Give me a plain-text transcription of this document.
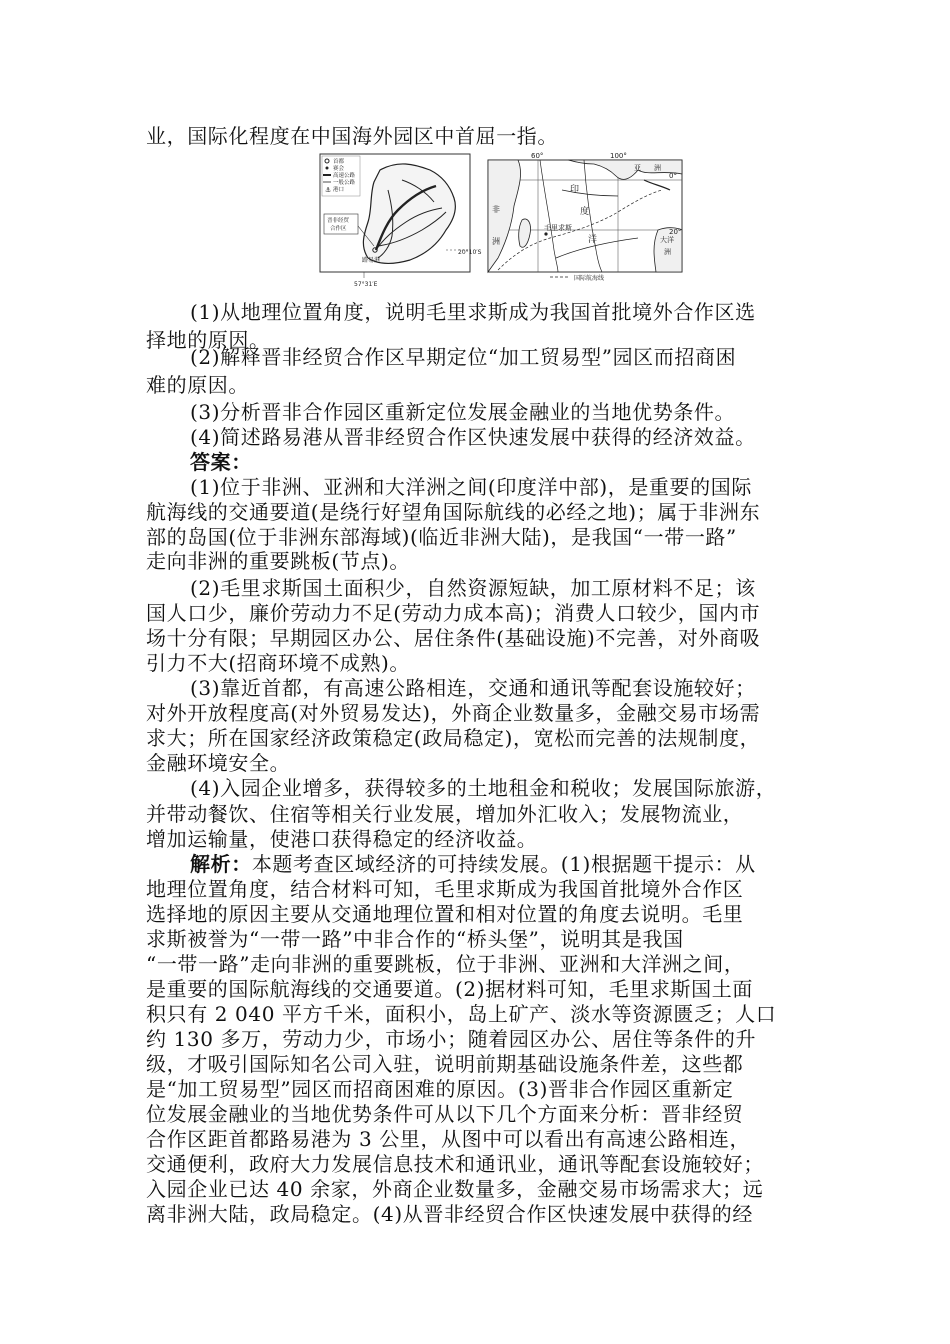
业，国际化程度在中国海外园区中首屈一指。
⚓
首都
赛会
高速公路
一般公路
港口
晋非经贸
合作区
路易港
20°10′S
57°31′E
60°	100°
0°
20°
印
度
洋
非
洲
亚 洲
大洋
洲
毛里求斯
国际航海线
(1)从地理位置角度，说明毛里求斯成为我国首批境外合作区选
择地的原因。
(2)解释晋非经贸合作区早期定位“加工贸易型”园区而招商困
难的原因。
(3)分析晋非合作园区重新定位发展金融业的当地优势条件。
(4)简述路易港从晋非经贸合作区快速发展中获得的经济效益。
答案：
(1)位于非洲、亚洲和大洋洲之间(印度洋中部)，是重要的国际
航海线的交通要道(是绕行好望角国际航线的必经之地)；属于非洲东
部的岛国(位于非洲东部海域)(临近非洲大陆)，是我国“一带一路”
走向非洲的重要跳板(节点)。
(2)毛里求斯国土面积少，自然资源短缺，加工原材料不足；该
国人口少，廉价劳动力不足(劳动力成本高)；消费人口较少，国内市
场十分有限；早期园区办公、居住条件(基础设施)不完善，对外商吸
引力不大(招商环境不成熟)。
(3)靠近首都，有高速公路相连，交通和通讯等配套设施较好；
对外开放程度高(对外贸易发达)，外商企业数量多，金融交易市场需
求大；所在国家经济政策稳定(政局稳定)，宽松而完善的法规制度，
金融环境安全。
(4)入园企业增多，获得较多的土地租金和税收；发展国际旅游，
并带动餐饮、住宿等相关行业发展，增加外汇收入；发展物流业，
增加运输量，使港口获得稳定的经济收益。
解析：本题考查区域经济的可持续发展。(1)根据题干提示：从
地理位置角度，结合材料可知，毛里求斯成为我国首批境外合作区
选择地的原因主要从交通地理位置和相对位置的角度去说明。毛里
求斯被誉为“一带一路”中非合作的“桥头堡”，说明其是我国
“一带一路”走向非洲的重要跳板，位于非洲、亚洲和大洋洲之间，
是重要的国际航海线的交通要道。(2)据材料可知，毛里求斯国土面
积只有 2 040 平方千米，面积小，岛上矿产、淡水等资源匮乏；人口
约 130 多万，劳动力少，市场小；随着园区办公、居住等条件的升
级，才吸引国际知名公司入驻，说明前期基础设施条件差，这些都
是“加工贸易型”园区而招商困难的原因。(3)晋非合作园区重新定
位发展金融业的当地优势条件可从以下几个方面来分析：晋非经贸
合作区距首都路易港为 3 公里，从图中可以看出有高速公路相连，
交通便利，政府大力发展信息技术和通讯业，通讯等配套设施较好；
入园企业已达 40 余家，外商企业数量多，金融交易市场需求大；远
离非洲大陆，政局稳定。(4)从晋非经贸合作区快速发展中获得的经
